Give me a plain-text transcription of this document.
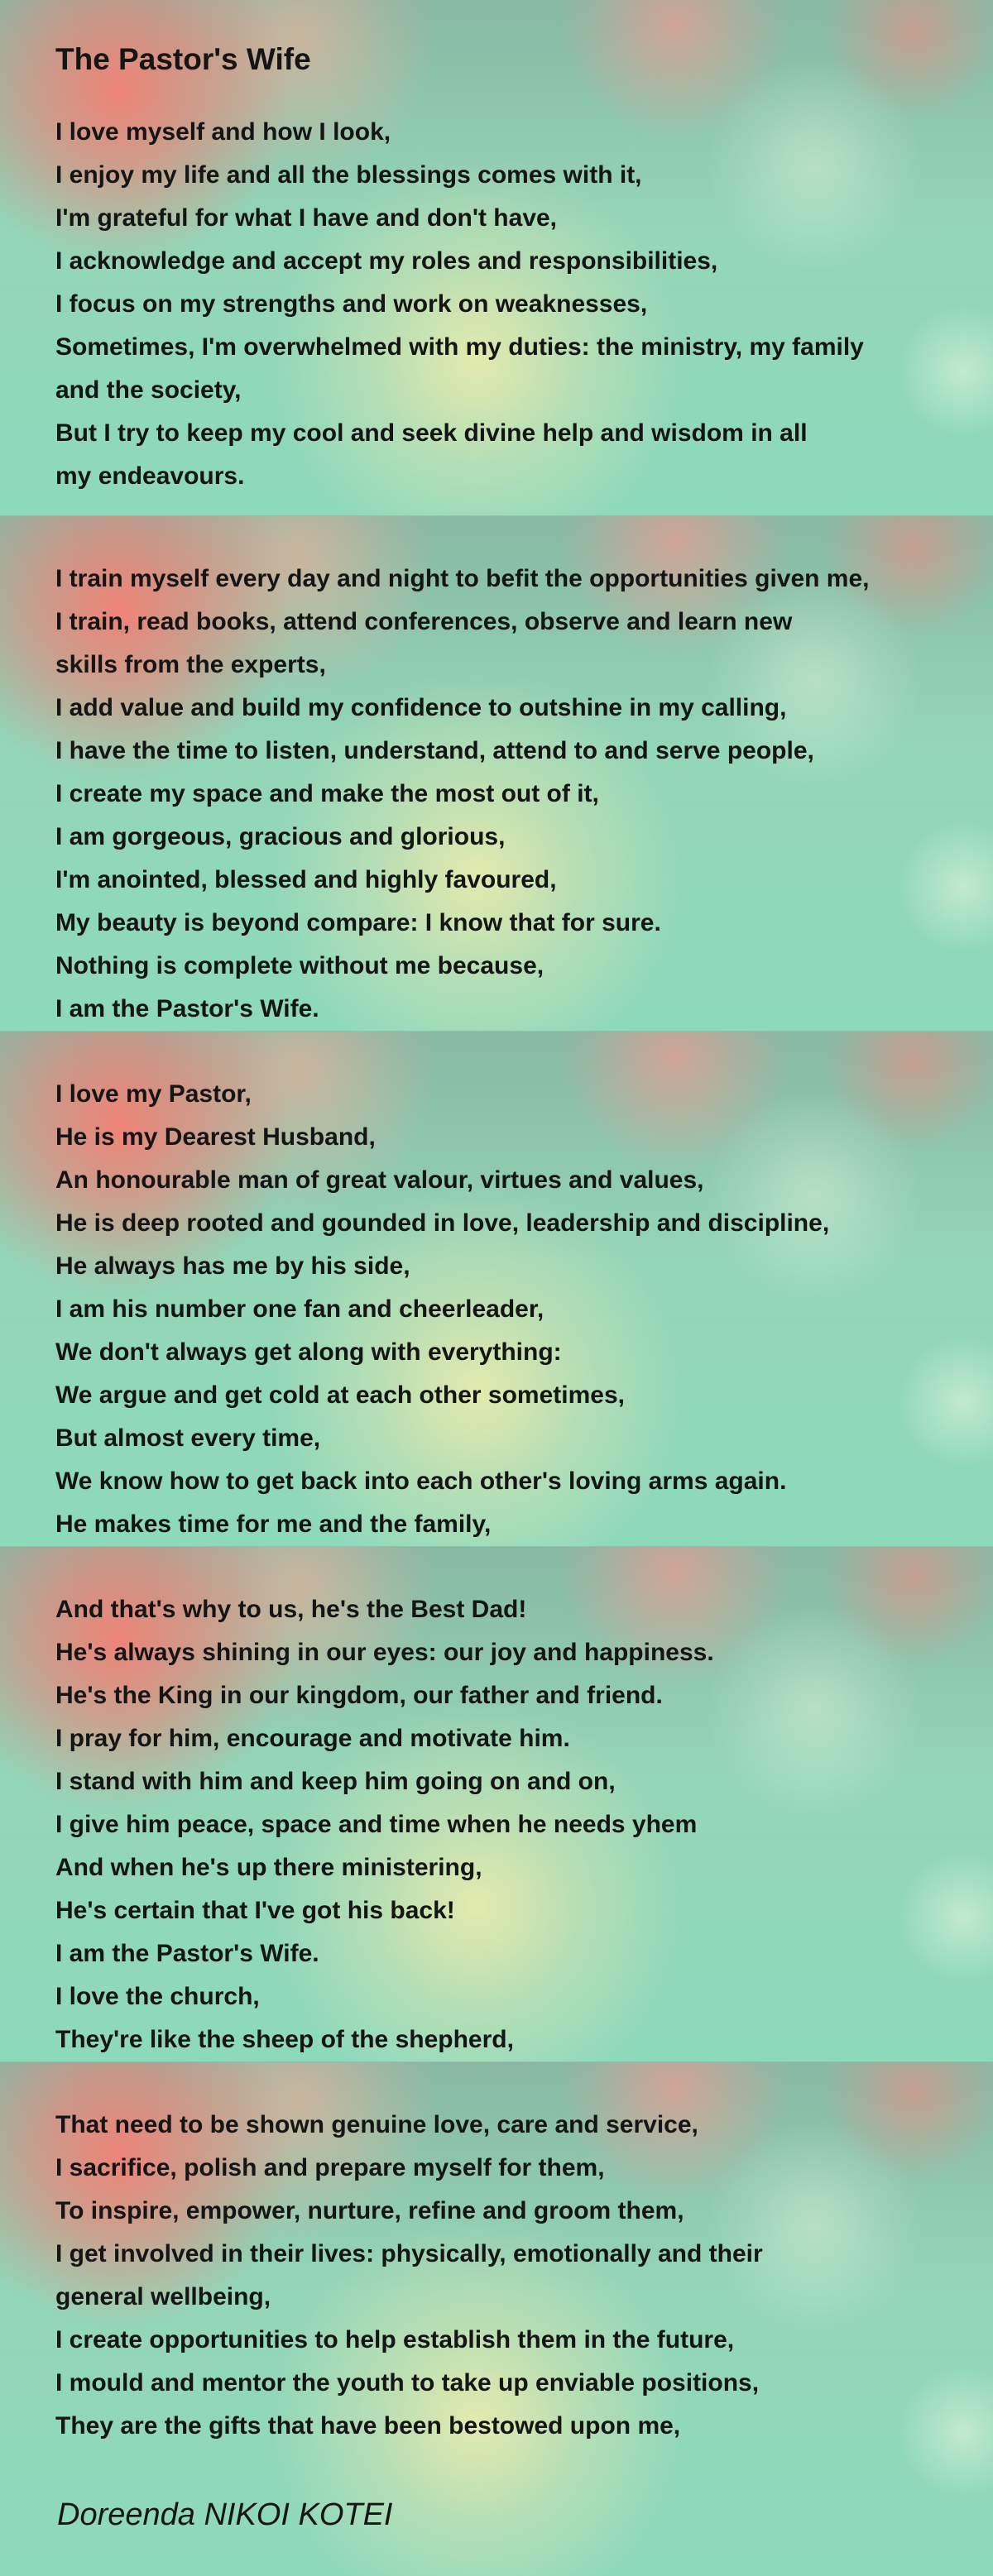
The Pastor's Wife
I love myself and how I look,
I enjoy my life and all the blessings comes with it,
I'm grateful for what I have and don't have,
I acknowledge and accept my roles and responsibilities,
I focus on my strengths and work on weaknesses,
Sometimes, I'm overwhelmed with my duties: the ministry, my family
and the society,
But I try to keep my cool and seek divine help and wisdom in all
my endeavours.
I train myself every day and night to befit the opportunities given me,
I train, read books, attend conferences, observe and learn new
skills from the experts,
I add value and build my confidence to outshine in my calling,
I have the time to listen, understand, attend to and serve people,
I create my space and make the most out of it,
I am gorgeous, gracious and glorious,
I'm anointed, blessed and highly favoured,
My beauty is beyond compare: I know that for sure.
Nothing is complete without me because,
I am the Pastor's Wife.
I love my Pastor,
He is my Dearest Husband,
An honourable man of great valour, virtues and values,
He is deep rooted and gounded in love, leadership and discipline,
He always has me by his side,
I am his number one fan and cheerleader,
We don't always get along with everything:
We argue and get cold at each other sometimes,
But almost every time,
We know how to get back into each other's loving arms again.
He makes time for me and the family,
And that's why to us, he's the Best Dad!
He's always shining in our eyes: our joy and happiness.
He's the King in our kingdom, our father and friend.
I pray for him, encourage and motivate him.
I stand with him and keep him going on and on,
I give him peace, space and time when he needs yhem
And when he's up there ministering,
He's certain that I've got his back!
I am the Pastor's Wife.
I love the church,
They're like the sheep of the shepherd,
That need to be shown genuine love, care and service,
I sacrifice, polish and prepare myself for them,
To inspire, empower, nurture, refine and groom them,
I get involved in their lives: physically, emotionally and their
general wellbeing,
I create opportunities to help establish them in the future,
I mould and mentor the youth to take up enviable positions,
They are the gifts that have been bestowed upon me,
Doreenda NIKOI KOTEI
